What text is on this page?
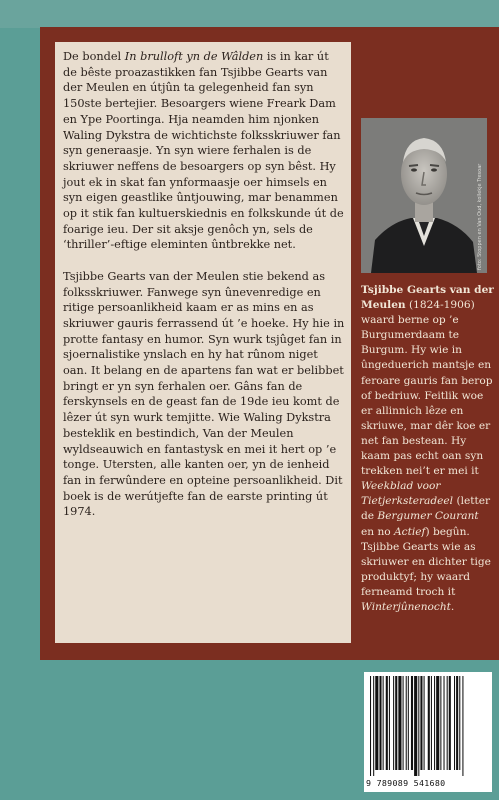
De bondel In brulloft yn de Wâlden is in kar út de bêste proazastikken fan Tsjibbe Gearts van der Meulen en útjûn ta gelegenheid fan syn 150ste bertejier. Besoargers wiene Freark Dam en Ype Poortinga. Hja neamden him njonken Waling Dykstra de wichtichste folksskriuwer fan syn generaasje. Yn syn wiere ferhalen is de skriuwer neffens de besoargers op syn bêst. Hy jout ek in skat fan ynformaasje oer himsels en syn eigen geastlike ûntjouwing, mar benammen op it stik fan kultuerskiednis en folkskunde út de foarige ieu. Der sit aksje genôch yn, sels de ‘thriller’-eftige eleminten ûntbrekke net.

Tsjibbe Gearts van der Meulen stie bekend as folksskriuwer. Fanwege syn ûnevenredige en ritige persoanlikheid kaam er as mins en as skriuwer gauris ferrassend út ’e hoeke. Hy hie in protte fantasy en humor. Syn wurk tsjûget fan in sjoernalistike ynslach en hy hat rûnom niget oan. It belang en de apartens fan wat er belibbet bringt er yn syn ferhalen oer. Gâns fan de ferskynsels en de geast fan de 19de ieu komt de lêzer út syn wurk temjitte. Wie Waling Dykstra besteklik en bestindich, Van der Meulen wyldseauwich en fantastysk en mei it hert op ’e tonge. Utersten, alle kanten oer, yn de ienheid fan in ferwûndere en opteine persoanlikheid. Dit boek is de werútjefte fan de earste printing út 1974.

foto: Stoppen en Van Oud, kollekje Tresoar
Tsjibbe Gearts van der Meulen (1824-1906) waard berne op ’e Burgumerdaam te Burgum. Hy wie in ûngeduerich mantsje en feroare gauris fan berop of bedriuw. Feitlik woe er allinnich lêze en skriuwe, mar dêr koe er net fan bestean. Hy kaam pas echt oan syn trekken nei’t er mei it Weekblad voor Tietjerksteradeel (letter de Bergumer Courant en no Actief) begûn. Tsjibbe Gearts wie as skriuwer en dichter tige produktyf; hy waard ferneamd troch it Winterjûnenocht.
9 789089 541680
